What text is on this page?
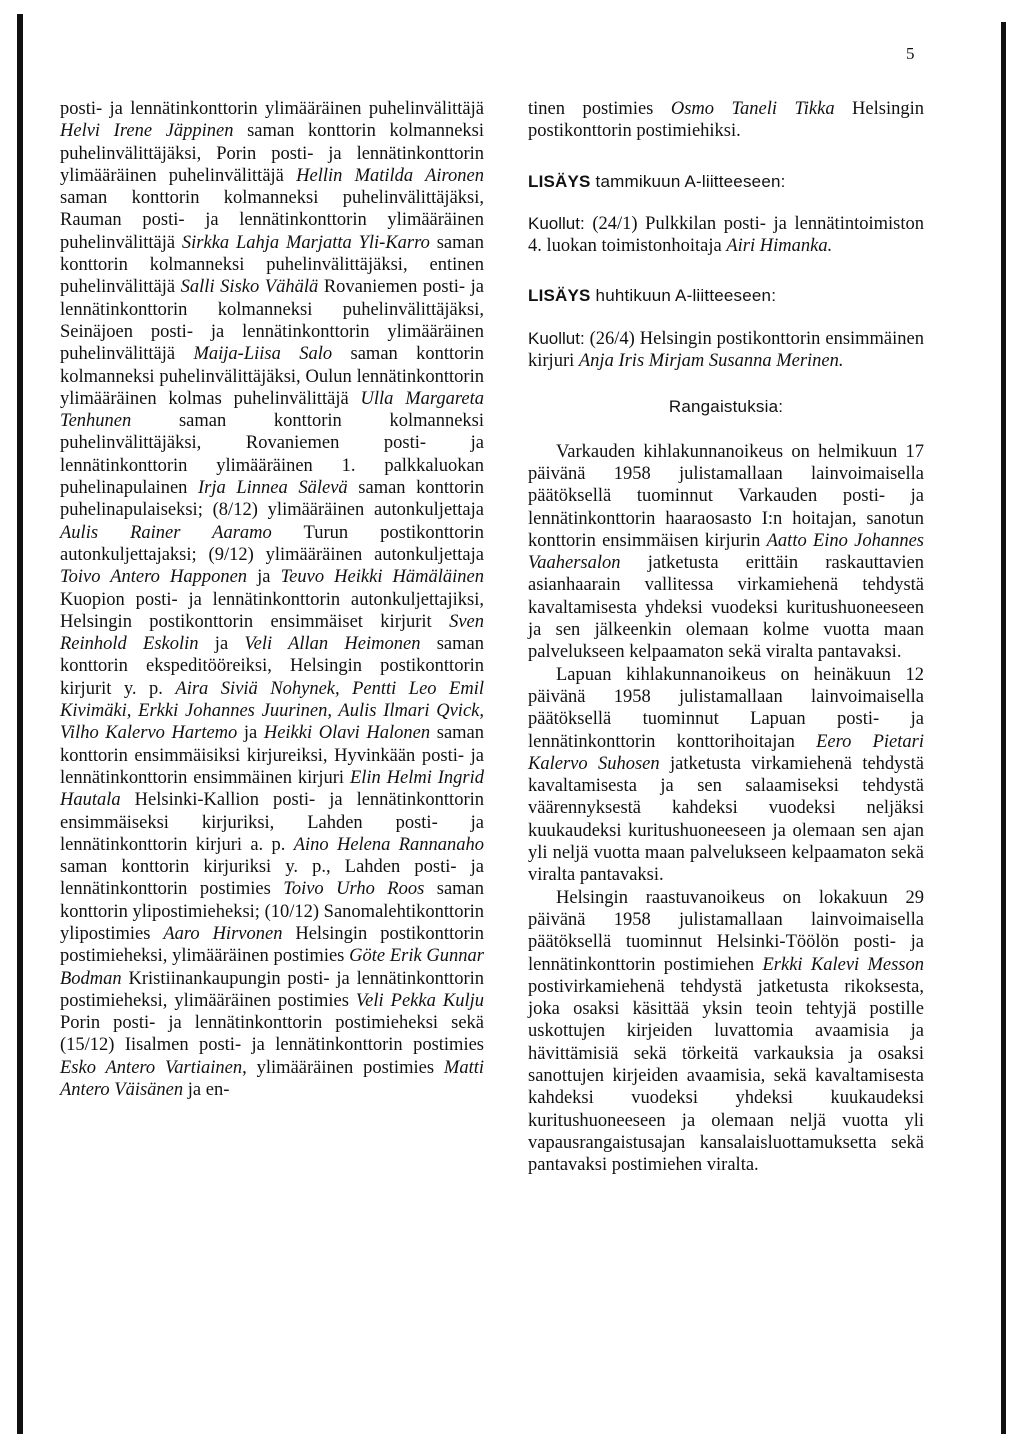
5

posti- ja lennätinkonttorin ylimääräinen puhelinvälittäjä Helvi Irene Jäppinen saman konttorin kolmanneksi puhelinvälittäjäksi, Porin posti- ja lennätinkonttorin ylimääräinen puhelinvälittäjä Hellin Matilda Aironen saman konttorin kolmanneksi puhelinvälittäjäksi, Rauman posti- ja lennätinkonttorin ylimääräinen puhelinvälittäjä Sirkka Lahja Marjatta Yli-Karro saman konttorin kolmanneksi puhelinvälittäjäksi, entinen puhelinvälittäjä Salli Sisko Vähälä Rovaniemen posti- ja lennätinkonttorin kolmanneksi puhelinvälittäjäksi, Seinäjoen posti- ja lennätinkonttorin ylimääräinen puhelinvälittäjä Maija-Liisa Salo saman konttorin kolmanneksi puhelinvälittäjäksi, Oulun lennätinkonttorin ylimääräinen kolmas puhelinvälittäjä Ulla Margareta Tenhunen saman konttorin kolmanneksi puhelinvälittäjäksi, Rovaniemen posti- ja lennätinkonttorin ylimääräinen 1. palkkaluokan puhelinapulainen Irja Linnea Sälevä saman konttorin puhelinapulaiseksi; (8/12) ylimääräinen autonkuljettaja Aulis Rainer Aaramo Turun postikonttorin autonkuljettajaksi; (9/12) ylimääräinen autonkuljettaja Toivo Antero Happonen ja Teuvo Heikki Hämäläinen Kuopion posti- ja lennätinkonttorin autonkuljettajiksi, Helsingin postikonttorin ensimmäiset kirjurit Sven Reinhold Eskolin ja Veli Allan Heimonen saman konttorin ekspeditööreiksi, Helsingin postikonttorin kirjurit y. p. Aira Siviä Nohynek, Pentti Leo Emil Kivimäki, Erkki Johannes Juurinen, Aulis Ilmari Qvick, Vilho Kalervo Hartemo ja Heikki Olavi Halonen saman konttorin ensimmäisiksi kirjureiksi, Hyvinkään posti- ja lennätinkonttorin ensimmäinen kirjuri Elin Helmi Ingrid Hautala Helsinki-Kallion posti- ja lennätinkonttorin ensimmäiseksi kirjuriksi, Lahden posti- ja lennätinkonttorin kirjuri a. p. Aino Helena Rannanaho saman konttorin kirjuriksi y. p., Lahden posti- ja lennätinkonttorin postimies Toivo Urho Roos saman konttorin ylipostimieheksi; (10/12) Sanomalehtikonttorin ylipostimies Aaro Hirvonen Helsingin postikonttorin postimieheksi, ylimääräinen postimies Göte Erik Gunnar Bodman Kristiinankaupungin posti- ja lennätinkonttorin postimieheksi, ylimääräinen postimies Veli Pekka Kulju Porin posti- ja lennätinkonttorin postimieheksi sekä (15/12) Iisalmen posti- ja lennätinkonttorin postimies Esko Antero Vartiainen, ylimääräinen postimies Matti Antero Väisänen ja en-

tinen postimies Osmo Taneli Tikka Helsingin postikonttorin postimiehiksi.

LISÄYS tammikuun A-liitteeseen:

Kuollut: (24/1) Pulkkilan posti- ja lennätintoimiston 4. luokan toimistonhoitaja Airi Himanka.

LISÄYS huhtikuun A-liitteeseen:

Kuollut: (26/4) Helsingin postikonttorin ensimmäinen kirjuri Anja Iris Mirjam Susanna Merinen.

Rangaistuksia:

Varkauden kihlakunnanoikeus on helmikuun 17 päivänä 1958 julistamallaan lainvoimaisella päätöksellä tuominnut Varkauden posti- ja lennätinkonttorin haaraosasto I:n hoitajan, sanotun konttorin ensimmäisen kirjurin Aatto Eino Johannes Vaahersalon jatketusta erittäin raskauttavien asianhaarain vallitessa virkamiehenä tehdystä kavaltamisesta yhdeksi vuodeksi kuritushuoneeseen ja sen jälkeenkin olemaan kolme vuotta maan palvelukseen kelpaamaton sekä viralta pantavaksi.

Lapuan kihlakunnanoikeus on heinäkuun 12 päivänä 1958 julistamallaan lainvoimaisella päätöksellä tuominnut Lapuan posti- ja lennätinkonttorin konttorihoitajan Eero Pietari Kalervo Suhosen jatketusta virkamiehenä tehdystä kavaltamisesta ja sen salaamiseksi tehdystä väärennyksestä kahdeksi vuodeksi neljäksi kuukaudeksi kuritushuoneeseen ja olemaan sen ajan yli neljä vuotta maan palvelukseen kelpaamaton sekä viralta pantavaksi.

Helsingin raastuvanoikeus on lokakuun 29 päivänä 1958 julistamallaan lainvoimaisella päätöksellä tuominnut Helsinki-Töölön posti- ja lennätinkonttorin postimiehen Erkki Kalevi Messon postivirkamiehenä tehdystä jatketusta rikoksesta, joka osaksi käsittää yksin teoin tehtyjä postille uskottujen kirjeiden luvattomia avaamisia ja hävittämisiä sekä törkeitä varkauksia ja osaksi sanottujen kirjeiden avaamisia, sekä kavaltamisesta kahdeksi vuodeksi yhdeksi kuukaudeksi kuritushuoneeseen ja olemaan neljä vuotta yli vapausrangaistusajan kansalaisluottamuksetta sekä pantavaksi postimiehen viralta.
